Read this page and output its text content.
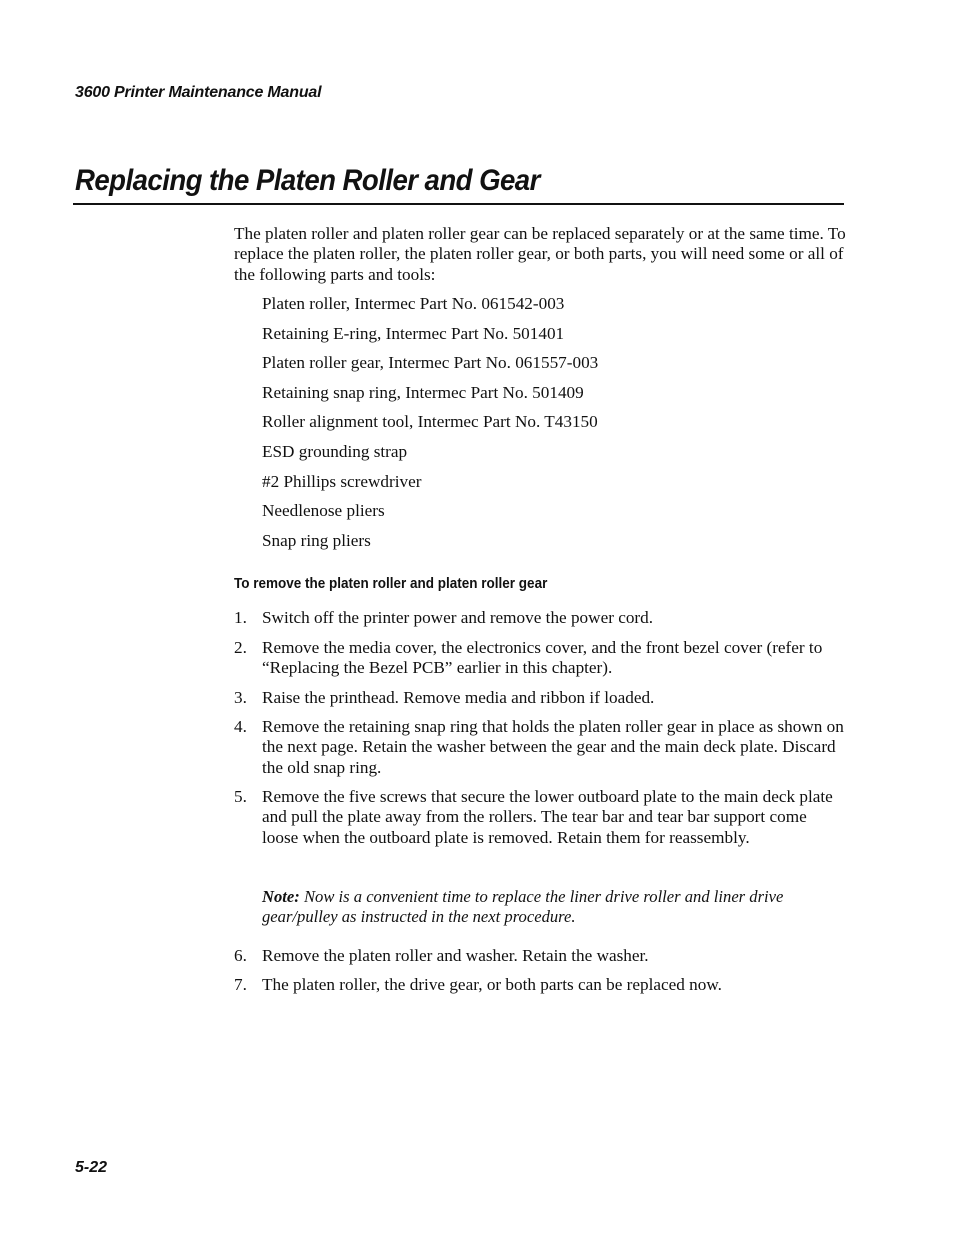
3600 Printer Maintenance Manual
Replacing the Platen Roller and Gear

The platen roller and platen roller gear can be replaced separately or at the same time. To replace the platen roller, the platen roller gear, or both parts, you will need some or all of the following parts and tools:

Platen roller, Intermec Part No. 061542-003
Retaining E-ring, Intermec Part No. 501401
Platen roller gear, Intermec Part No. 061557-003
Retaining snap ring, Intermec Part No. 501409
Roller alignment tool, Intermec Part No. T43150
ESD grounding strap
#2 Phillips screwdriver
Needlenose pliers
Snap ring pliers
To remove the platen roller and platen roller gear
1. Switch off the printer power and remove the power cord.
2. Remove the media cover, the electronics cover, and the front bezel cover (refer to “Replacing the Bezel PCB” earlier in this chapter).
3. Raise the printhead. Remove media and ribbon if loaded.
4. Remove the retaining snap ring that holds the platen roller gear in place as shown on the next page. Retain the washer between the gear and the main deck plate. Discard the old snap ring.
5. Remove the five screws that secure the lower outboard plate to the main deck plate and pull the plate away from the rollers. The tear bar and tear bar support come loose when the outboard plate is removed. Retain them for reassembly.
Note: Now is a convenient time to replace the liner drive roller and liner drive gear/pulley as instructed in the next procedure.
6. Remove the platen roller and washer. Retain the washer.
7. The platen roller, the drive gear, or both parts can be replaced now.
5-22
